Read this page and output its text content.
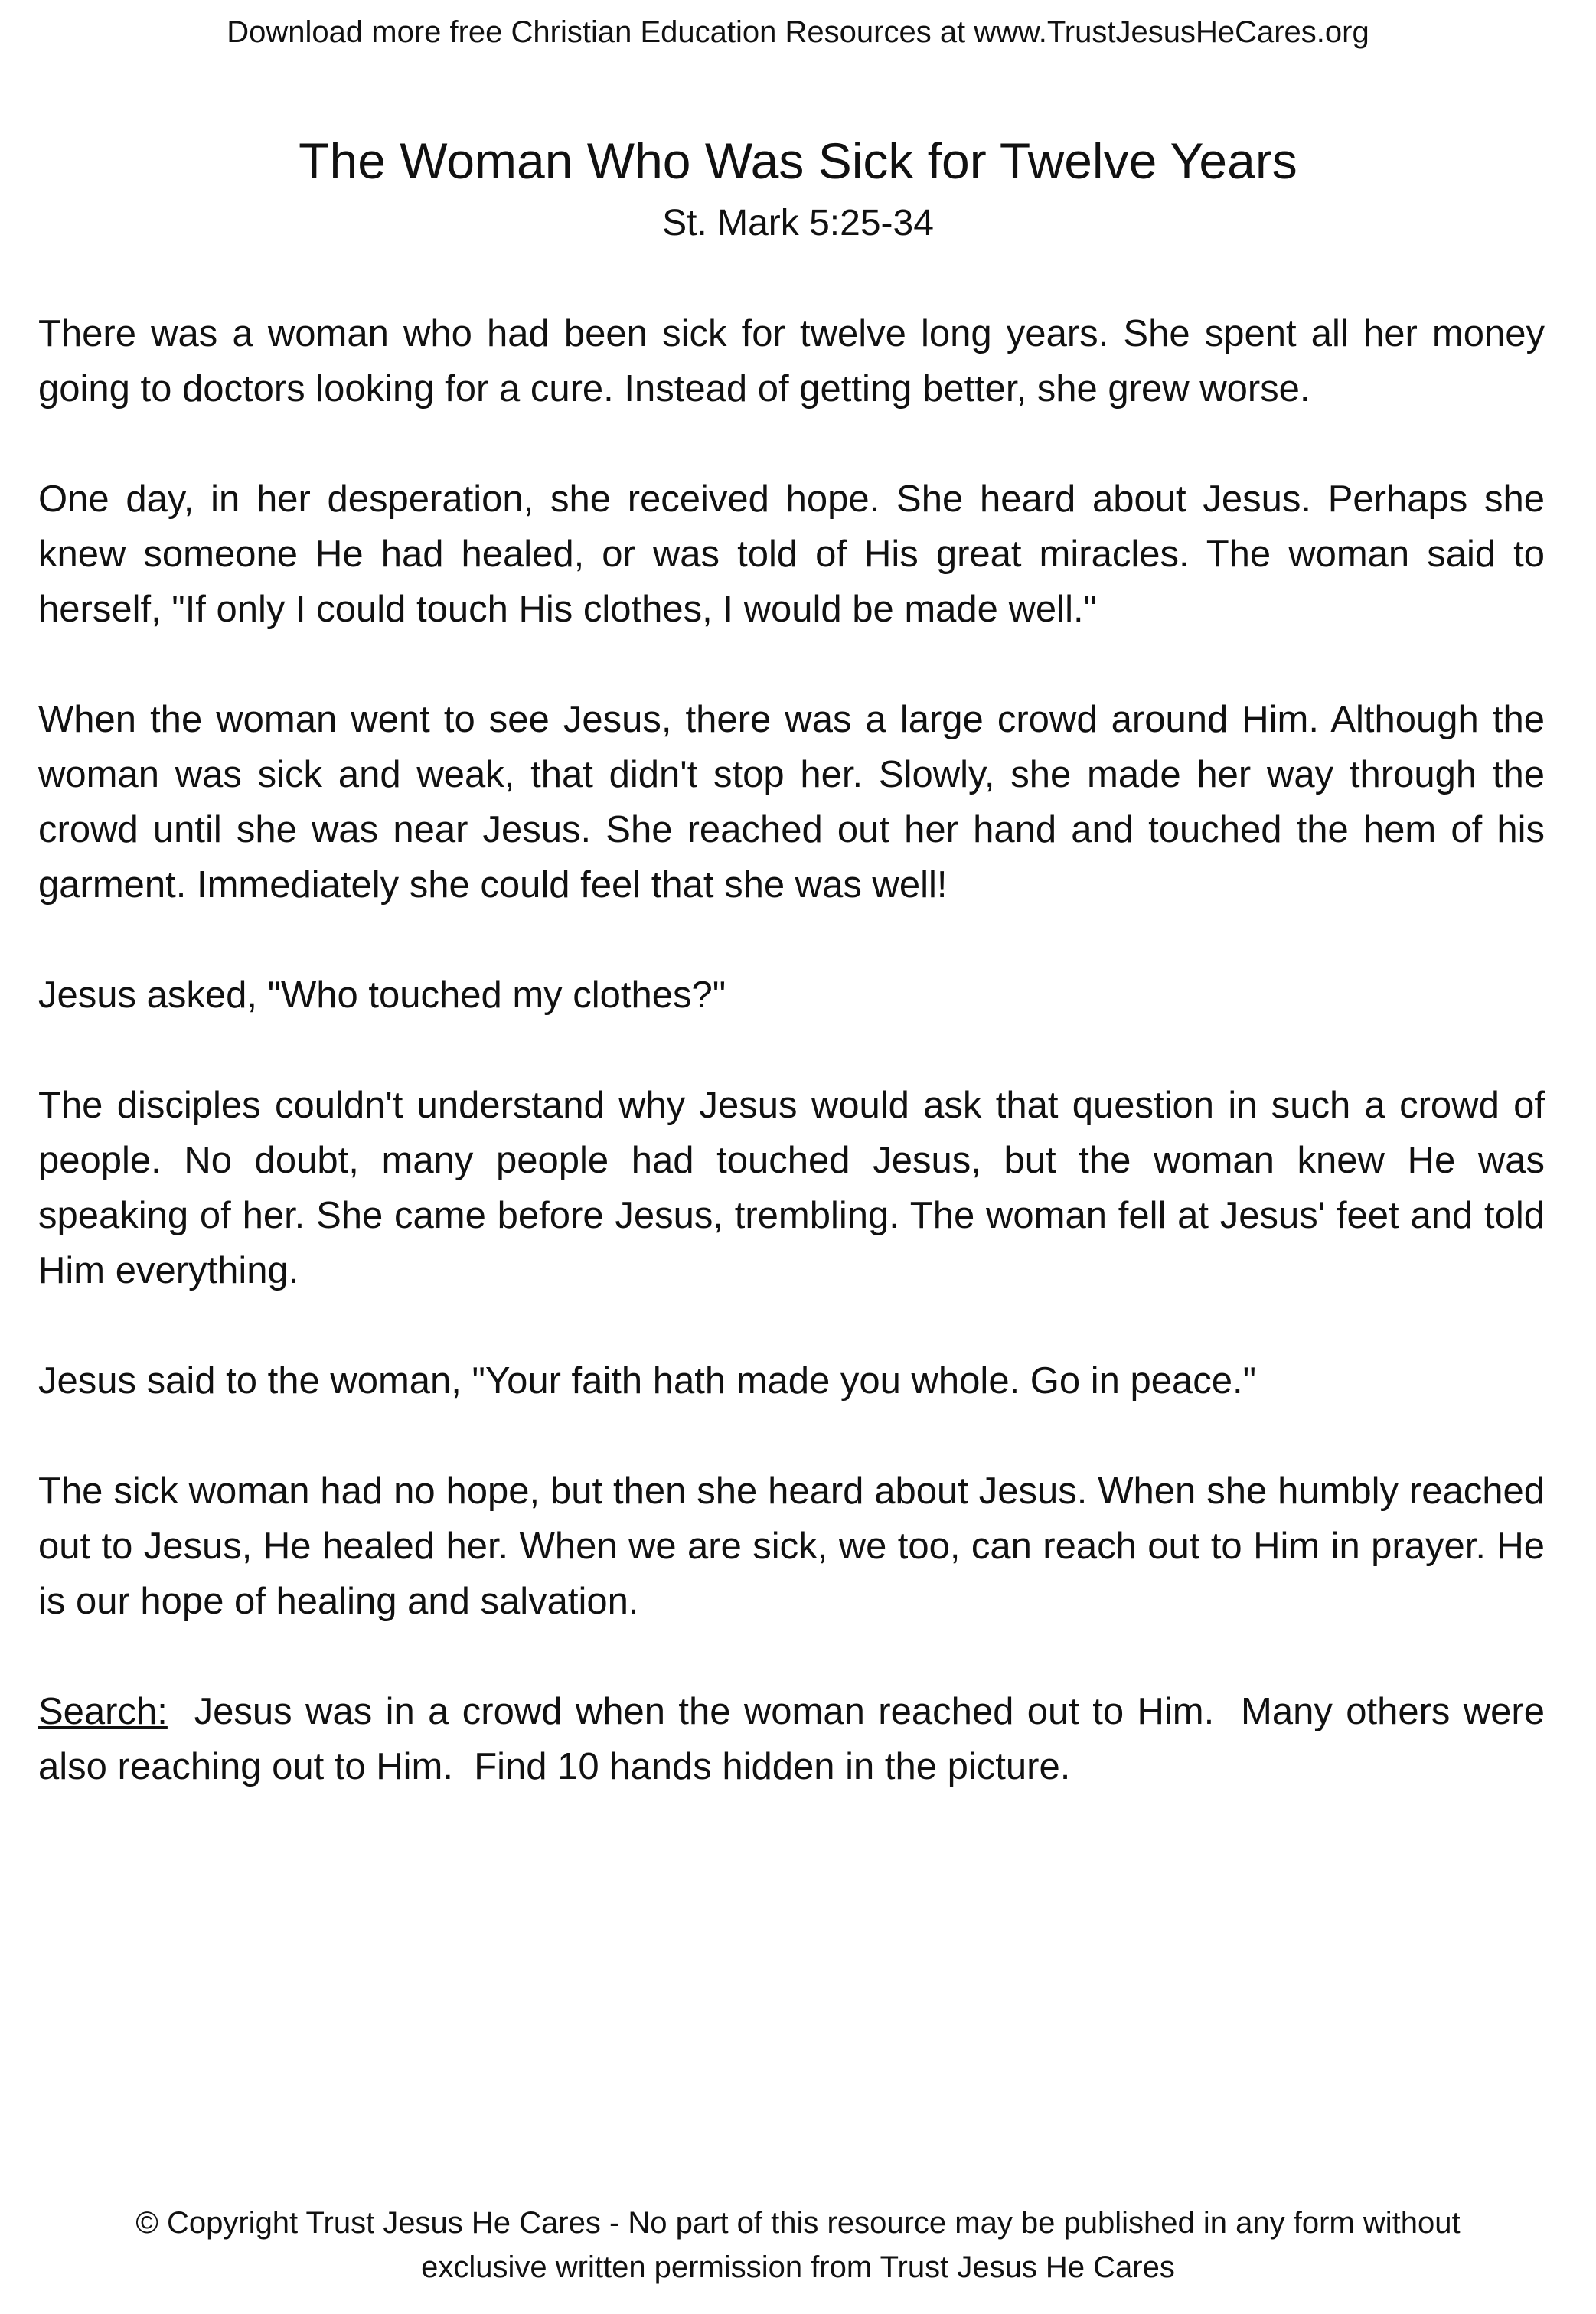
Download more free Christian Education Resources at www.TrustJesusHeCares.org
The Woman Who Was Sick for Twelve Years
St. Mark 5:25-34

There was a woman who had been sick for twelve long years. She spent all her money going to doctors looking for a cure. Instead of getting better, she grew worse.

One day, in her desperation, she received hope. She heard about Jesus. Perhaps she knew someone He had healed, or was told of His great miracles. The woman said to herself, "If only I could touch His clothes, I would be made well."

When the woman went to see Jesus, there was a large crowd around Him. Although the woman was sick and weak, that didn't stop her. Slowly, she made her way through the crowd until she was near Jesus. She reached out her hand and touched the hem of his garment. Immediately she could feel that she was well!

Jesus asked, "Who touched my clothes?"

The disciples couldn't understand why Jesus would ask that question in such a crowd of people. No doubt, many people had touched Jesus, but the woman knew He was speaking of her. She came before Jesus, trembling. The woman fell at Jesus' feet and told Him everything.

Jesus said to the woman, "Your faith hath made you whole. Go in peace."

The sick woman had no hope, but then she heard about Jesus. When she humbly reached out to Jesus, He healed her. When we are sick, we too, can reach out to Him in prayer. He is our hope of healing and salvation.

Search:  Jesus was in a crowd when the woman reached out to Him.  Many others were also reaching out to Him.  Find 10 hands hidden in the picture.

© Copyright Trust Jesus He Cares - No part of this resource may be published in any form without
exclusive written permission from Trust Jesus He Cares
